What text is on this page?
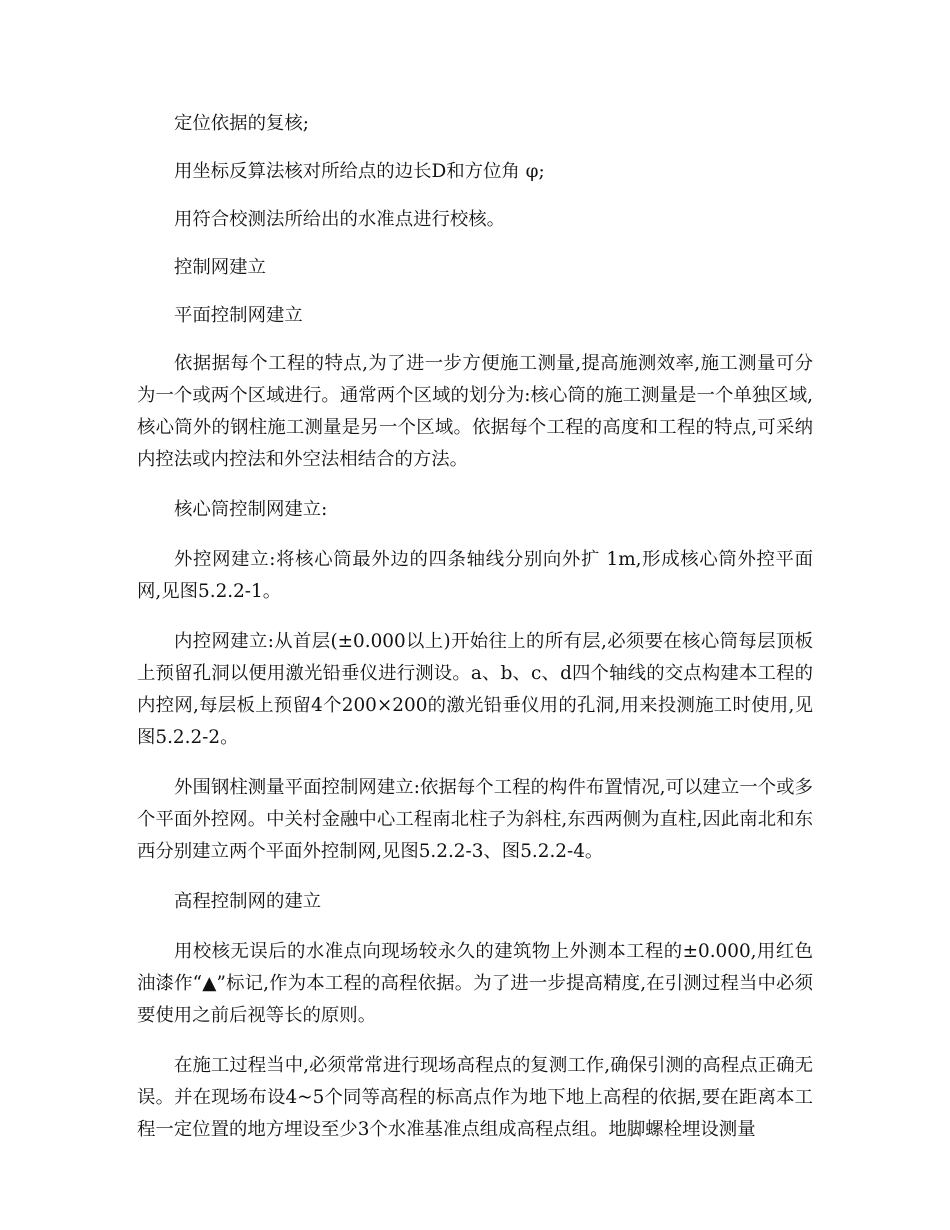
定位依据的复核;

用坐标反算法核对所给点的边长D和方位角 φ;

用符合校测法所给出的水准点进行校核。

控制网建立

平面控制网建立

依据据每个工程的特点,为了进一步方便施工测量,提高施测效率,施工测量可分为一个或两个区域进行。通常两个区域的划分为:核心筒的施工测量是一个单独区域,核心筒外的钢柱施工测量是另一个区域。依据每个工程的高度和工程的特点,可采纳内控法或内控法和外空法相结合的方法。

核心筒控制网建立:

外控网建立:将核心筒最外边的四条轴线分别向外扩 1m,形成核心筒外控平面网,见图5.2.2-1。

内控网建立:从首层(±0.000以上)开始往上的所有层,必须要在核心筒每层顶板上预留孔洞以便用激光铅垂仪进行测设。a、b、c、d四个轴线的交点构建本工程的内控网,每层板上预留4个200×200的激光铅垂仪用的孔洞,用来投测施工时使用,见图5.2.2-2。

外围钢柱测量平面控制网建立:依据每个工程的构件布置情况,可以建立一个或多个平面外控网。中关村金融中心工程南北柱子为斜柱,东西两侧为直柱,因此南北和东西分别建立两个平面外控制网,见图5.2.2-3、图5.2.2-4。

高程控制网的建立

用校核无误后的水准点向现场较永久的建筑物上外测本工程的±0.000,用红色油漆作“▲”标记,作为本工程的高程依据。为了进一步提高精度,在引测过程当中必须要使用之前后视等长的原则。

在施工过程当中,必须常常进行现场高程点的复测工作,确保引测的高程点正确无误。并在现场布设4~5个同等高程的标高点作为地下地上高程的依据,要在距离本工程一定位置的地方埋设至少3个水准基准点组成高程点组。地脚螺栓埋设测量
